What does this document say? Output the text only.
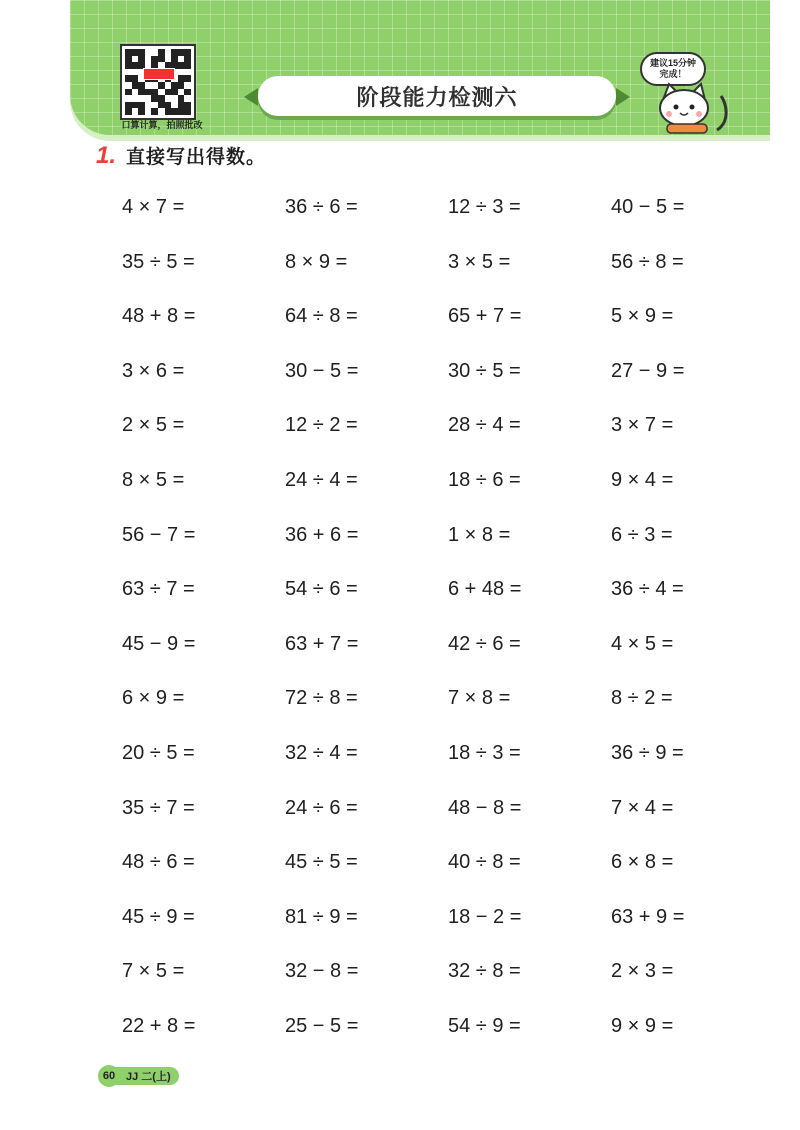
口算计算，拍照批改
阶段能力检测六
建议15分钟完成！
1. 直接写出得数。
4 × 7 =	36 ÷ 6 =	12 ÷ 3 =	40 − 5 =
35 ÷ 5 =	8 × 9 =	3 × 5 =	56 ÷ 8 =
48 + 8 =	64 ÷ 8 =	65 + 7 =	5 × 9 =
3 × 6 =	30 − 5 =	30 ÷ 5 =	27 − 9 =
2 × 5 =	12 ÷ 2 =	28 ÷ 4 =	3 × 7 =
8 × 5 =	24 ÷ 4 =	18 ÷ 6 =	9 × 4 =
56 − 7 =	36 + 6 =	1 × 8 =	6 ÷ 3 =
63 ÷ 7 =	54 ÷ 6 =	6 + 48 =	36 ÷ 4 =
45 − 9 =	63 + 7 =	42 ÷ 6 =	4 × 5 =
6 × 9 =	72 ÷ 8 =	7 × 8 =	8 ÷ 2 =
20 ÷ 5 =	32 ÷ 4 =	18 ÷ 3 =	36 ÷ 9 =
35 ÷ 7 =	24 ÷ 6 =	48 − 8 =	7 × 4 =
48 ÷ 6 =	45 ÷ 5 =	40 ÷ 8 =	6 × 8 =
45 ÷ 9 =	81 ÷ 9 =	18 − 2 =	63 + 9 =
7 × 5 =	32 − 8 =	32 ÷ 8 =	2 × 3 =
22 + 8 =	25 − 5 =	54 ÷ 9 =	9 × 9 =
60 JJ 二(上)
